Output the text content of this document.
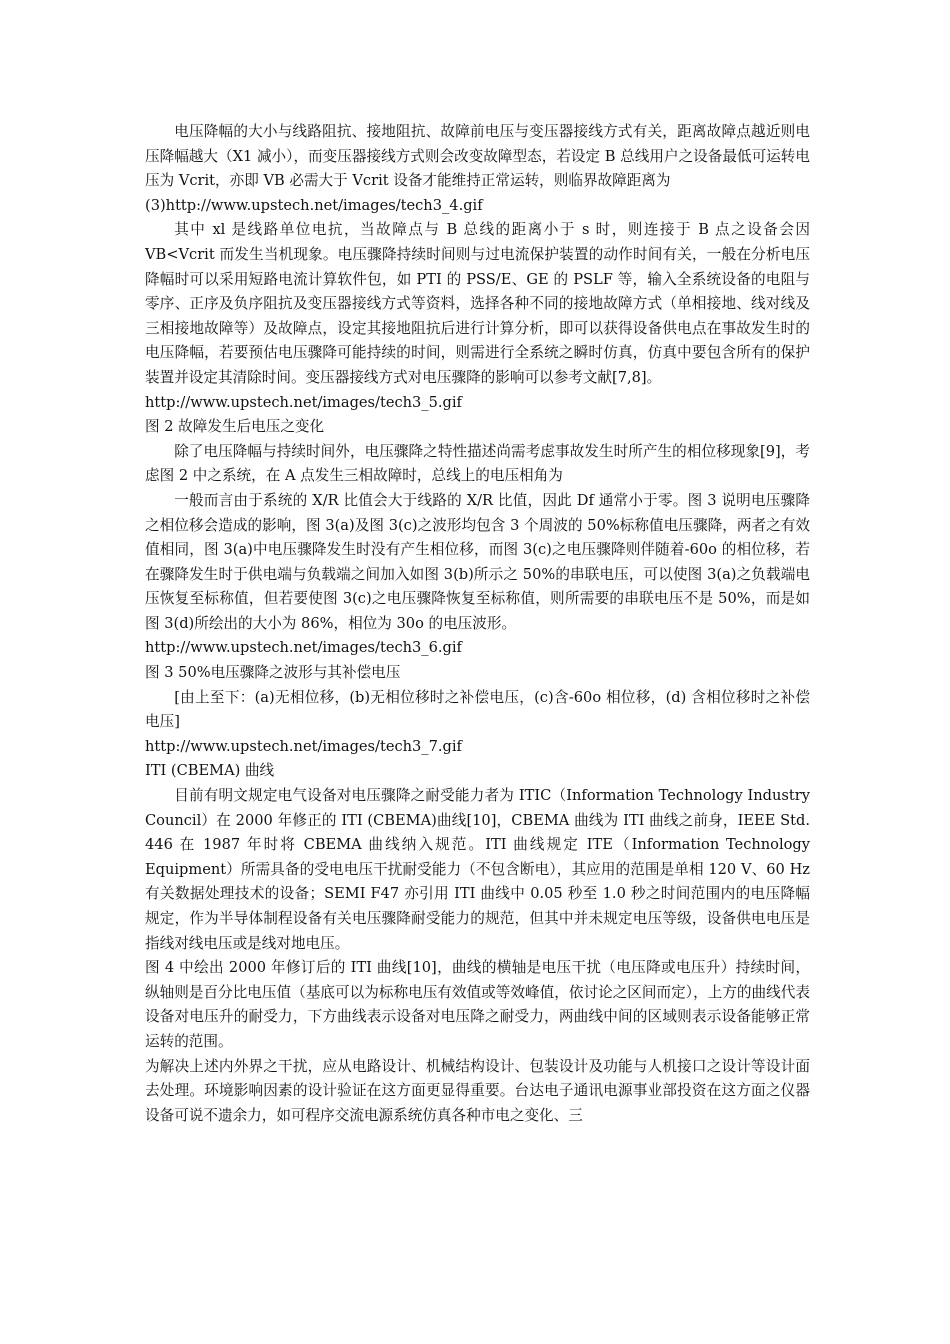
电压降幅的大小与线路阻抗、接地阻抗、故障前电压与变压器接线方式有关，距离故障点越近则电压降幅越大（X1 减小），而变压器接线方式则会改变故障型态，若设定 B 总线用户之设备最低可运转电压为 Vcrit，亦即 VB 必需大于 Vcrit 设备才能维持正常运转，则临界故障距离为

(3)http://www.upstech.net/images/tech3_4.gif

其中 xl 是线路单位电抗，当故障点与 B 总线的距离小于 s 时，则连接于 B 点之设备会因 VB<Vcrit 而发生当机现象。电压骤降持续时间则与过电流保护装置的动作时间有关，一般在分析电压降幅时可以采用短路电流计算软件包，如 PTI 的 PSS/E、GE 的 PSLF 等，输入全系统设备的电阻与零序、正序及负序阻抗及变压器接线方式等资料，选择各种不同的接地故障方式（单相接地、线对线及三相接地故障等）及故障点，设定其接地阻抗后进行计算分析，即可以获得设备供电点在事故发生时的电压降幅，若要预估电压骤降可能持续的时间，则需进行全系统之瞬时仿真，仿真中要包含所有的保护装置并设定其清除时间。变压器接线方式对电压骤降的影响可以参考文献[7,8]。

http://www.upstech.net/images/tech3_5.gif

图 2 故障发生后电压之变化

除了电压降幅与持续时间外，电压骤降之特性描述尚需考虑事故发生时所产生的相位移现象[9]，考虑图 2 中之系统，在 A 点发生三相故障时，总线上的电压相角为

一般而言由于系统的 X/R 比值会大于线路的 X/R 比值，因此 Df 通常小于零。图 3 说明电压骤降之相位移会造成的影响，图 3(a)及图 3(c)之波形均包含 3 个周波的 50%标称值电压骤降，两者之有效值相同，图 3(a)中电压骤降发生时没有产生相位移，而图 3(c)之电压骤降则伴随着-60o 的相位移，若在骤降发生时于供电端与负载端之间加入如图 3(b)所示之 50%的串联电压，可以使图 3(a)之负载端电压恢复至标称值，但若要使图 3(c)之电压骤降恢复至标称值，则所需要的串联电压不是 50%，而是如图 3(d)所绘出的大小为 86%，相位为 30o 的电压波形。

http://www.upstech.net/images/tech3_6.gif

图 3 50%电压骤降之波形与其补偿电压

[由上至下：(a)无相位移，(b)无相位移时之补偿电压，(c)含-60o 相位移，(d) 含相位移时之补偿电压]

http://www.upstech.net/images/tech3_7.gif

ITI (CBEMA) 曲线

目前有明文规定电气设备对电压骤降之耐受能力者为 ITIC（Information Technology Industry Council）在 2000 年修正的 ITI (CBEMA)曲线[10]，CBEMA 曲线为 ITI 曲线之前身，IEEE Std. 446 在 1987 年时将 CBEMA 曲线纳入规范。ITI 曲线规定 ITE（Information Technology Equipment）所需具备的受电电压干扰耐受能力（不包含断电），其应用的范围是单相 120 V、60 Hz 有关数据处理技术的设备；SEMI F47 亦引用 ITI 曲线中 0.05 秒至 1.0 秒之时间范围内的电压降幅规定，作为半导体制程设备有关电压骤降耐受能力的规范，但其中并未规定电压等级，设备供电电压是指线对线电压或是线对地电压。

图 4 中绘出 2000 年修订后的 ITI 曲线[10]，曲线的横轴是电压干扰（电压降或电压升）持续时间，纵轴则是百分比电压值（基底可以为标称电压有效值或等效峰值，依讨论之区间而定），上方的曲线代表设备对电压升的耐受力，下方曲线表示设备对电压降之耐受力，两曲线中间的区域则表示设备能够正常运转的范围。

为解决上述内外界之干扰，应从电路设计、机械结构设计、包装设计及功能与人机接口之设计等设计面去处理。环境影响因素的设计验证在这方面更显得重要。台达电子通讯电源事业部投资在这方面之仪器设备可说不遗余力，如可程序交流电源系统仿真各种市电之变化、三
